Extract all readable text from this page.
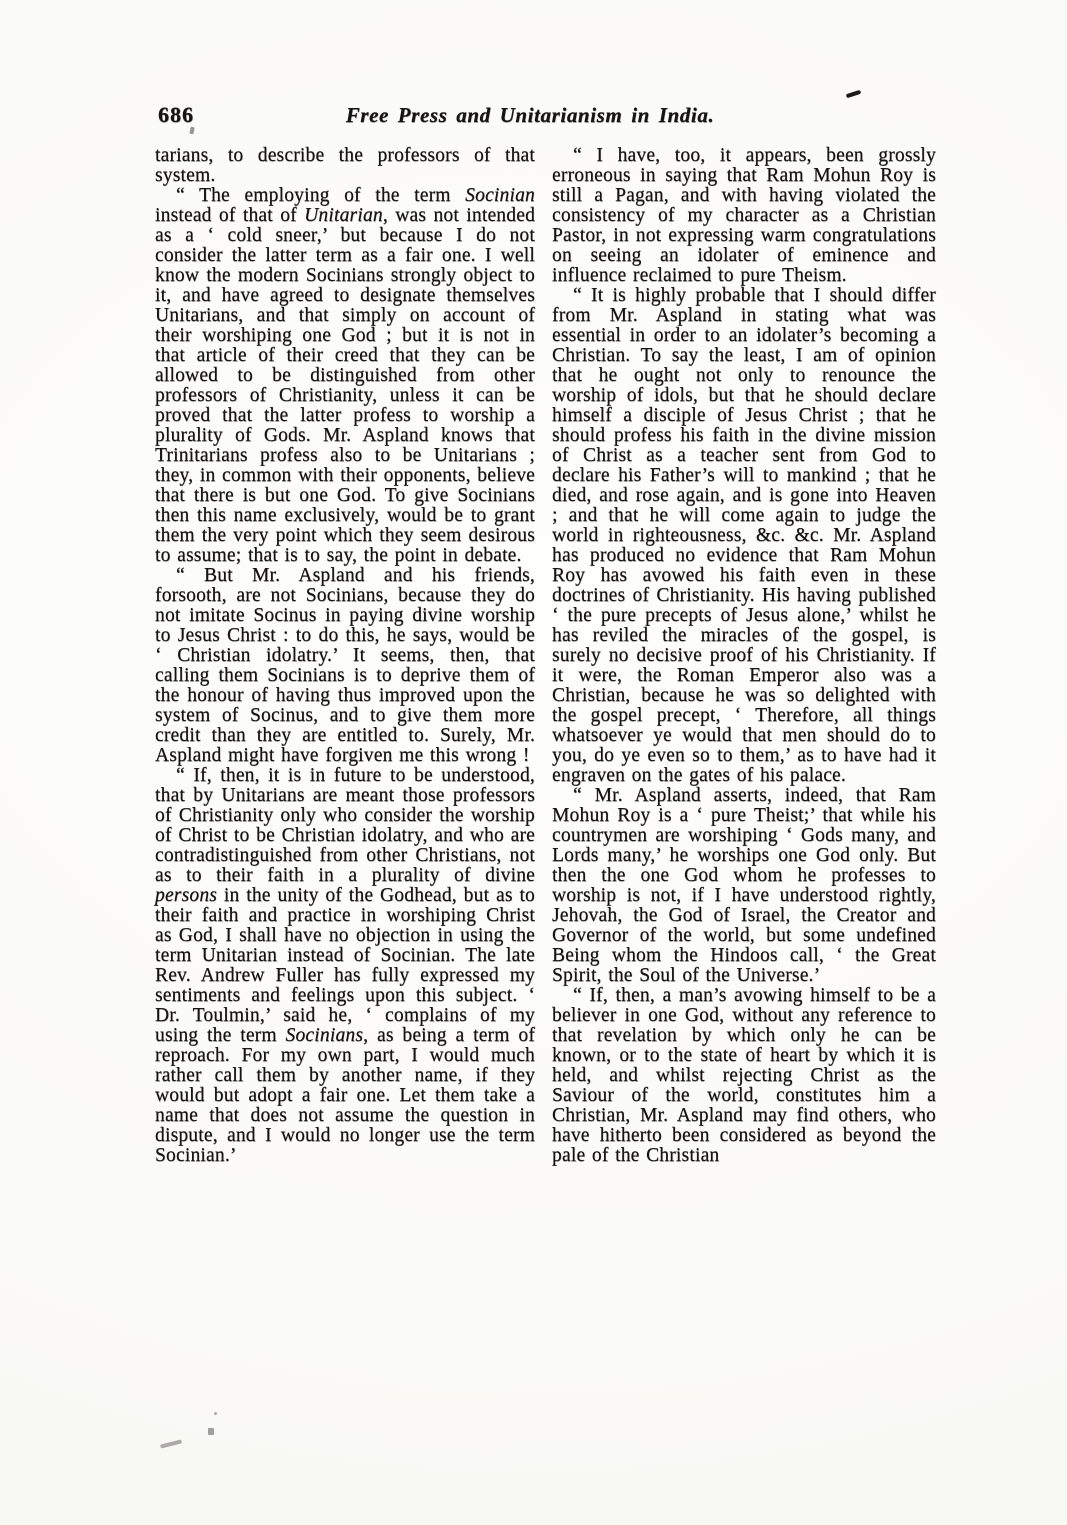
686	Free Press and Unitarianism in India.

tarians, to describe the professors of that system.

“ The employing of the term Socinian instead of that of Unitarian, was not intended as a ‘ cold sneer,’ but because I do not consider the latter term as a fair one. I well know the modern Socinians strongly object to it, and have agreed to designate themselves Unitarians, and that simply on account of their worshiping one God ; but it is not in that article of their creed that they can be allowed to be distinguished from other professors of Christianity, unless it can be proved that the latter profess to worship a plurality of Gods. Mr. Aspland knows that Trinitarians profess also to be Unitarians ; they, in common with their opponents, believe that there is but one God. To give Socinians then this name exclusively, would be to grant them the very point which they seem desirous to assume; that is to say, the point in debate.

“ But Mr. Aspland and his friends, forsooth, are not Socinians, because they do not imitate Socinus in paying divine worship to Jesus Christ : to do this, he says, would be ‘ Christian idolatry.’ It seems, then, that calling them Socinians is to deprive them of the honour of having thus improved upon the system of Socinus, and to give them more credit than they are entitled to. Surely, Mr. Aspland might have forgiven me this wrong !

“ If, then, it is in future to be understood, that by Unitarians are meant those professors of Christianity only who consider the worship of Christ to be Christian idolatry, and who are contradistinguished from other Christians, not as to their faith in a plurality of divine persons in the unity of the Godhead, but as to their faith and practice in worshiping Christ as God, I shall have no objection in using the term Unitarian instead of Socinian. The late Rev. Andrew Fuller has fully expressed my sentiments and feelings upon this subject. ‘ Dr. Toulmin,’ said he, ‘ complains of my using the term Socinians, as being a term of reproach. For my own part, I would much rather call them by another name, if they would but adopt a fair one. Let them take a name that does not assume the question in dispute, and I would no longer use the term Socinian.’

“ I have, too, it appears, been grossly erroneous in saying that Ram Mohun Roy is still a Pagan, and with having violated the consistency of my character as a Christian Pastor, in not expressing warm congratulations on seeing an idolater of eminence and influence reclaimed to pure Theism.

“ It is highly probable that I should differ from Mr. Aspland in stating what was essential in order to an idolater’s becoming a Christian. To say the least, I am of opinion that he ought not only to renounce the worship of idols, but that he should declare himself a disciple of Jesus Christ ; that he should profess his faith in the divine mission of Christ as a teacher sent from God to declare his Father’s will to mankind ; that he died, and rose again, and is gone into Heaven ; and that he will come again to judge the world in righteousness, &c. &c. Mr. Aspland has produced no evidence that Ram Mohun Roy has avowed his faith even in these doctrines of Christianity. His having published ‘ the pure precepts of Jesus alone,’ whilst he has reviled the miracles of the gospel, is surely no decisive proof of his Christianity. If it were, the Roman Emperor also was a Christian, because he was so delighted with the gospel precept, ‘ Therefore, all things whatsoever ye would that men should do to you, do ye even so to them,’ as to have had it engraven on the gates of his palace.

“ Mr. Aspland asserts, indeed, that Ram Mohun Roy is a ‘ pure Theist;’ that while his countrymen are worshiping ‘ Gods many, and Lords many,’ he worships one God only. But then the one God whom he professes to worship is not, if I have understood rightly, Jehovah, the God of Israel, the Creator and Governor of the world, but some undefined Being whom the Hindoos call, ‘ the Great Spirit, the Soul of the Universe.’

“ If, then, a man’s avowing himself to be a believer in one God, without any reference to that revelation by which only he can be known, or to the state of heart by which it is held, and whilst rejecting Christ as the Saviour of the world, constitutes him a Christian, Mr. Aspland may find others, who have hitherto been considered as beyond the pale of the Christian
